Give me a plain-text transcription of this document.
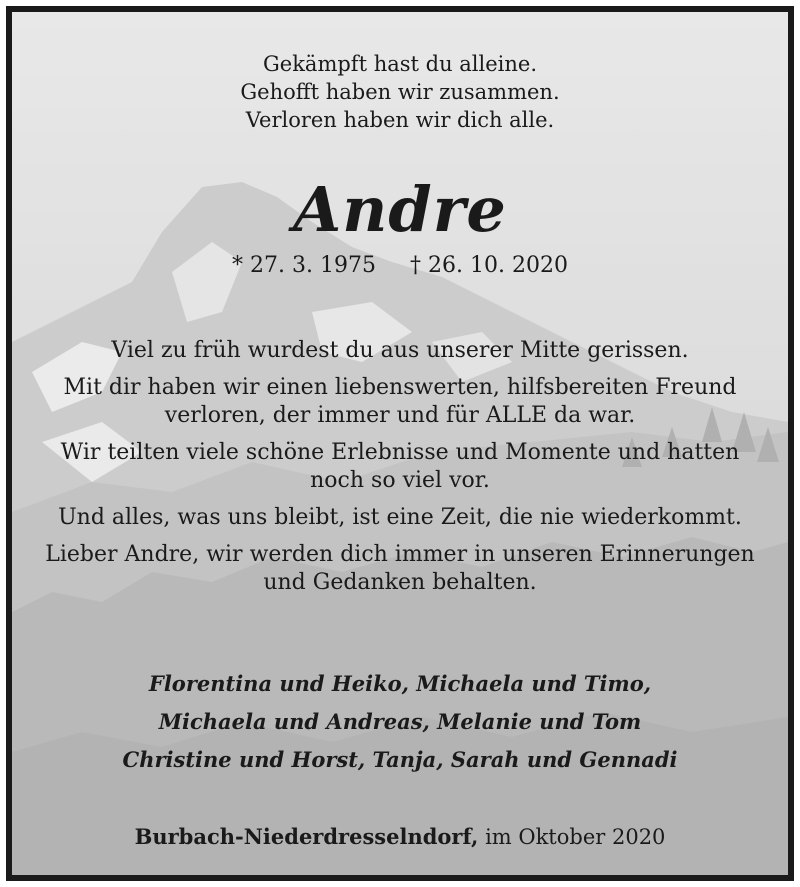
Gekämpft hast du alleine.
Gehofft haben wir zusammen.
Verloren haben wir dich alle.
Andre
* 27. 3. 1975 † 26. 10. 2020
Viel zu früh wurdest du aus unserer Mitte gerissen.
Mit dir haben wir einen liebenswerten, hilfsbereiten Freund
verloren, der immer und für ALLE da war.
Wir teilten viele schöne Erlebnisse und Momente und hatten
noch so viel vor.
Und alles, was uns bleibt, ist eine Zeit, die nie wiederkommt.
Lieber Andre, wir werden dich immer in unseren Erinnerungen
und Gedanken behalten.
Florentina und Heiko, Michaela und Timo,
Michaela und Andreas, Melanie und Tom
Christine und Horst, Tanja, Sarah und Gennadi
Burbach-Niederdresselndorf, im Oktober 2020
